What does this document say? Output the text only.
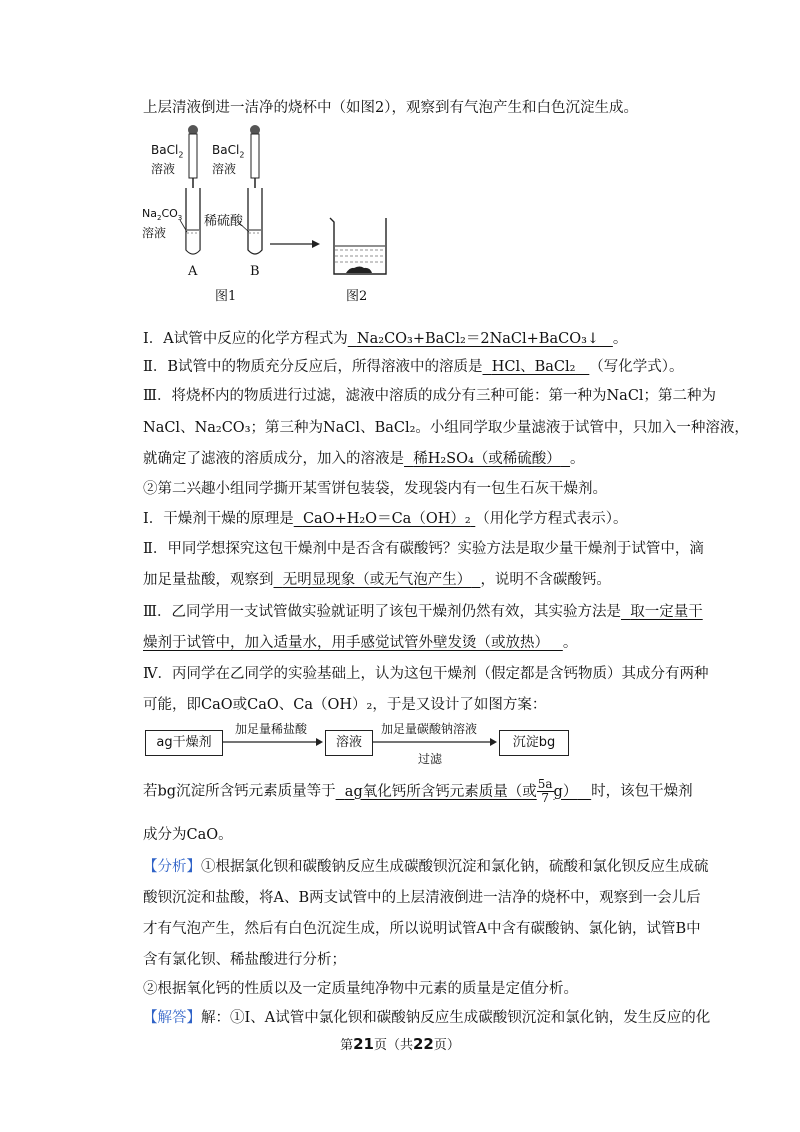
上层清液倒进一洁净的烧杯中（如图2），观察到有气泡产生和白色沉淀生成。
BaCl$_2$
溶液
BaCl$_2$
溶液
$Na_2CO_3$
溶液
稀硫酸
A	B
图1	图2
Ⅰ．A试管中反应的化学方程式为 Na₂CO₃+BaCl₂＝2NaCl+BaCO₃↓ 。
Ⅱ．B试管中的物质充分反应后，所得溶液中的溶质是 HCl、BaCl₂ （写化学式）。
Ⅲ．将烧杯内的物质进行过滤，滤液中溶质的成分有三种可能：第一种为NaCl；第二种为
NaCl、Na₂CO₃；第三种为NaCl、BaCl₂。小组同学取少量滤液于试管中，只加入一种溶液，
就确定了滤液的溶质成分，加入的溶液是 稀H₂SO₄（或稀硫酸） 。
②第二兴趣小组同学撕开某雪饼包装袋，发现袋内有一包生石灰干燥剂。
Ⅰ．干燥剂干燥的原理是 CaO+H₂O＝Ca（OH）₂ （用化学方程式表示）。
Ⅱ．甲同学想探究这包干燥剂中是否含有碳酸钙？实验方法是取少量干燥剂于试管中，滴
加足量盐酸，观察到 无明显现象（或无气泡产生） ，说明不含碳酸钙。
Ⅲ．乙同学用一支试管做实验就证明了该包干燥剂仍然有效，其实验方法是 取一定量干
燥剂于试管中，加入适量水，用手感觉试管外壁发烫（或放热） 。
Ⅳ．丙同学在乙同学的实验基础上，认为这包干燥剂（假定都是含钙物质）其成分有两种
可能，即CaO或CaO、Ca（OH）₂，于是又设计了如图方案：
ag干燥剂
加足量稀盐酸
溶液
加足量碳酸钠溶液
过滤
沉淀bg
若bg沉淀所含钙元素质量等于 ag氧化钙所含钙元素质量（或 $\frac{5a}{7} g$） 时，该包干燥剂
成分为CaO。
【分析】①根据氯化钡和碳酸钠反应生成碳酸钡沉淀和氯化钠，硫酸和氯化钡反应生成硫
酸钡沉淀和盐酸，将A、B两支试管中的上层清液倒进一洁净的烧杯中，观察到一会儿后
才有气泡产生，然后有白色沉淀生成，所以说明试管A中含有碳酸钠、氯化钠，试管B中
含有氯化钡、稀盐酸进行分析；
②根据氧化钙的性质以及一定质量纯净物中元素的质量是定值分析。
【解答】解：①Ⅰ、A试管中氯化钡和碳酸钠反应生成碳酸钡沉淀和氯化钠，发生反应的化
第21页（共22页）
